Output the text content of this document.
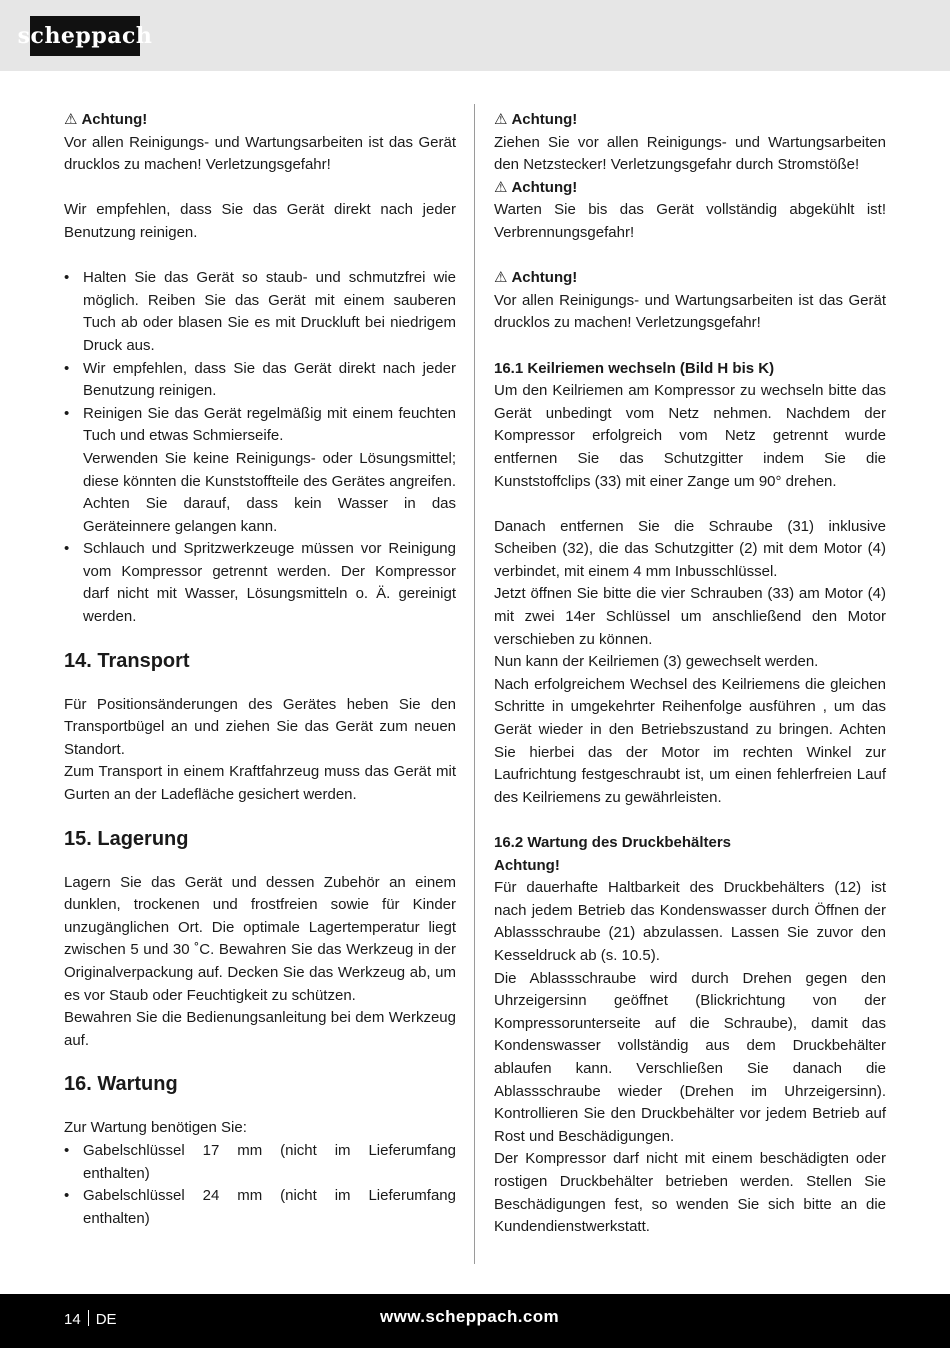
scheppach

⚠ Achtung!

Vor allen Reinigungs- und Wartungsarbeiten ist das Gerät drucklos zu machen! Verletzungsgefahr!

Wir empfehlen, dass Sie das Gerät direkt nach jeder Benutzung reinigen.

• Halten Sie das Gerät so staub- und schmutzfrei wie möglich. Reiben Sie das Gerät mit einem sauberen Tuch ab oder blasen Sie es mit Druckluft bei niedrigem Druck aus.
• Wir empfehlen, dass Sie das Gerät direkt nach jeder Benutzung reinigen.
• Reinigen Sie das Gerät regelmäßig mit einem feuchten Tuch und etwas Schmierseife.
Verwenden Sie keine Reinigungs- oder Lösungsmittel; diese könnten die Kunststoffteile des Gerätes angreifen. Achten Sie darauf, dass kein Wasser in das Geräteinnere gelangen kann.
• Schlauch und Spritzwerkzeuge müssen vor Reinigung vom Kompressor getrennt werden. Der Kompressor darf nicht mit Wasser, Lösungsmitteln o. Ä. gereinigt werden.
14. Transport

Für Positionsänderungen des Gerätes heben Sie den Transportbügel an und ziehen Sie das Gerät zum neuen Standort.

Zum Transport in einem Kraftfahrzeug muss das Gerät mit Gurten an der Ladefläche gesichert werden.

15. Lagerung

Lagern Sie das Gerät und dessen Zubehör an einem dunklen, trockenen und frostfreien sowie für Kinder unzugänglichen Ort. Die optimale Lagertemperatur liegt zwischen 5 und 30 ˚C. Bewahren Sie das Werkzeug in der Originalverpackung auf. Decken Sie das Werkzeug ab, um es vor Staub oder Feuchtigkeit zu schützen.

Bewahren Sie die Bedienungsanleitung bei dem Werkzeug auf.

16. Wartung

Zur Wartung benötigen Sie:

• Gabelschlüssel 17 mm (nicht im Lieferumfang enthalten)
• Gabelschlüssel 24 mm (nicht im Lieferumfang enthalten)

⚠ Achtung!

Ziehen Sie vor allen Reinigungs- und Wartungsarbeiten den Netzstecker! Verletzungsgefahr durch Stromstöße!

⚠ Achtung!

Warten Sie bis das Gerät vollständig abgekühlt ist! Verbrennungsgefahr!

⚠ Achtung!

Vor allen Reinigungs- und Wartungsarbeiten ist das Gerät drucklos zu machen! Verletzungsgefahr!

16.1 Keilriemen wechseln (Bild H bis K)

Um den Keilriemen am Kompressor zu wechseln bitte das Gerät unbedingt vom Netz nehmen. Nachdem der Kompressor erfolgreich vom Netz getrennt wurde entfernen Sie das Schutzgitter indem Sie die Kunststoffclips (33) mit einer Zange um 90° drehen.

Danach entfernen Sie die Schraube (31) inklusive Scheiben (32), die das Schutzgitter (2) mit dem Motor (4) verbindet, mit einem 4 mm Inbusschlüssel.

Jetzt öffnen Sie bitte die vier Schrauben (33) am Motor (4) mit zwei 14er Schlüssel um anschließend den Motor verschieben zu können.

Nun kann der Keilriemen (3) gewechselt werden.

Nach erfolgreichem Wechsel des Keilriemens die gleichen Schritte in umgekehrter Reihenfolge ausführen , um das Gerät wieder in den Betriebszustand zu bringen. Achten Sie hierbei das der Motor im rechten Winkel zur Laufrichtung festgeschraubt ist, um einen fehlerfreien Lauf des Keilriemens zu gewährleisten.

16.2 Wartung des Druckbehälters

Achtung!

Für dauerhafte Haltbarkeit des Druckbehälters (12) ist nach jedem Betrieb das Kondenswasser durch Öffnen der Ablassschraube (21) abzulassen. Lassen Sie zuvor den Kesseldruck ab (s. 10.5).

Die Ablassschraube wird durch Drehen gegen den Uhrzeigersinn geöffnet (Blickrichtung von der Kompressorunterseite auf die Schraube), damit das Kondenswasser vollständig aus dem Druckbehälter ablaufen kann. Verschließen Sie danach die Ablassschraube wieder (Drehen im Uhrzeigersinn). Kontrollieren Sie den Druckbehälter vor jedem Betrieb auf Rost und Beschädigungen.

Der Kompressor darf nicht mit einem beschädigten oder rostigen Druckbehälter betrieben werden. Stellen Sie Beschädigungen fest, so wenden Sie sich bitte an die Kundendienstwerkstatt.

14 DE	www.scheppach.com
